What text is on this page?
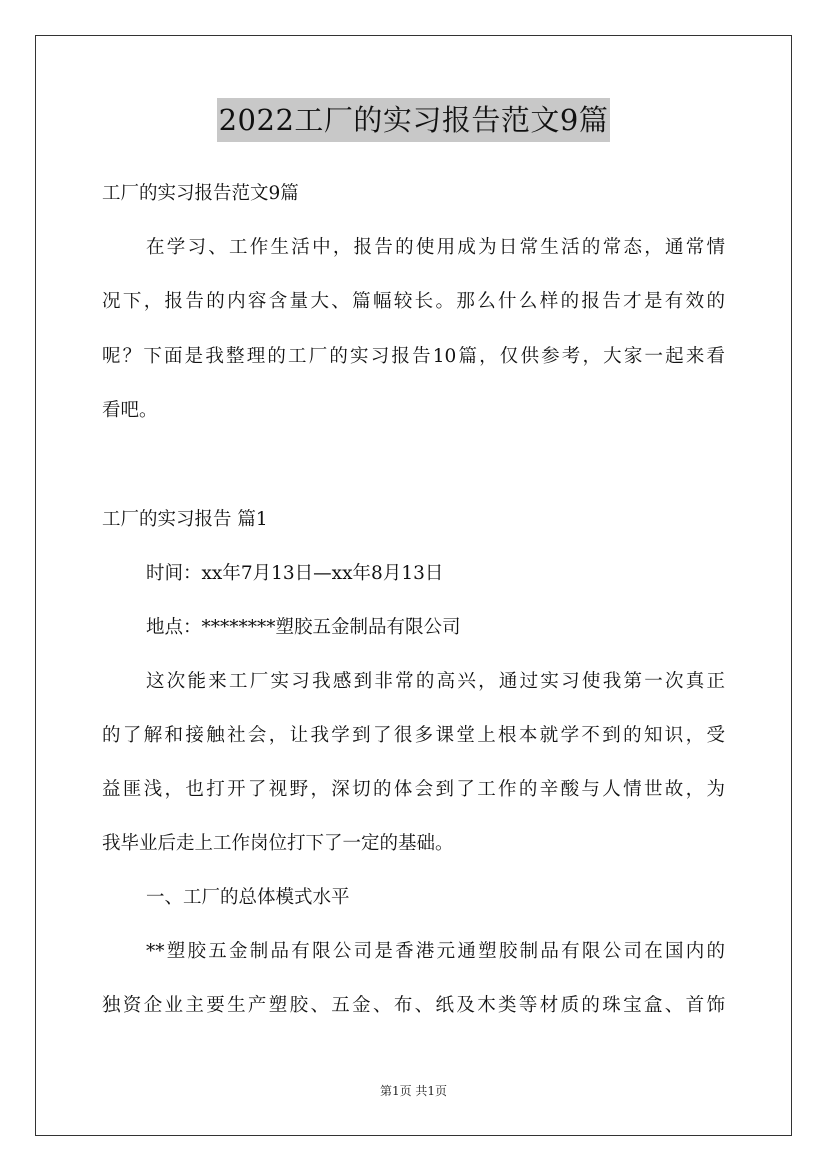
2022工厂的实习报告范文9篇
工厂的实习报告范文9篇
在学习、工作生活中，报告的使用成为日常生活的常态，通常情
况下，报告的内容含量大、篇幅较长。那么什么样的报告才是有效的
呢？下面是我整理的工厂的实习报告10篇，仅供参考，大家一起来看
看吧。
工厂的实习报告 篇1
时间：xx年7月13日—xx年8月13日
地点：********塑胶五金制品有限公司
这次能来工厂实习我感到非常的高兴，通过实习使我第一次真正
的了解和接触社会，让我学到了很多课堂上根本就学不到的知识，受
益匪浅，也打开了视野，深切的体会到了工作的辛酸与人情世故，为
我毕业后走上工作岗位打下了一定的基础。
一、工厂的总体模式水平
**塑胶五金制品有限公司是香港元通塑胶制品有限公司在国内的
独资企业主要生产塑胶、五金、布、纸及木类等材质的珠宝盒、首饰
第1页 共1页
